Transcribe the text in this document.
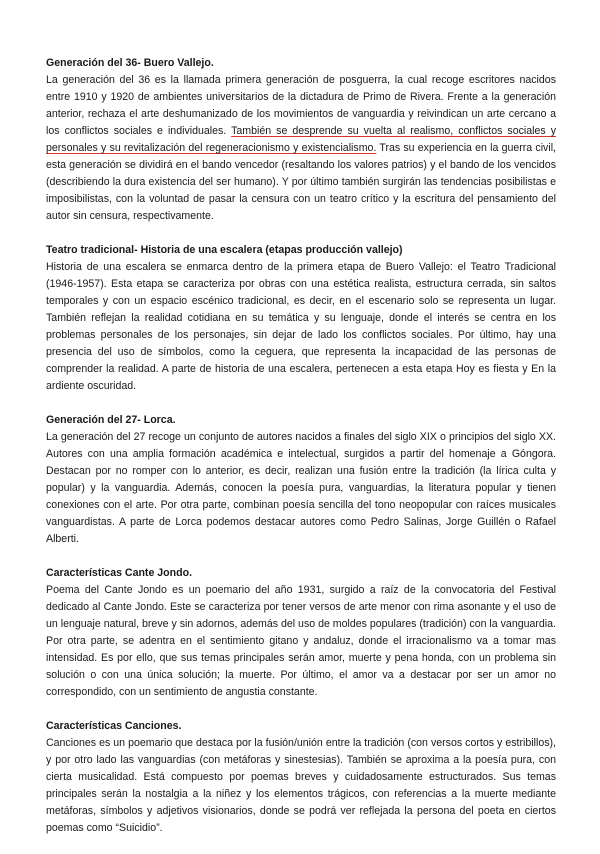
Generación del 36- Buero Vallejo.

La generación del 36 es la llamada primera generación de posguerra, la cual recoge escritores nacidos entre 1910 y 1920 de ambientes universitarios de la dictadura de Primo de Rivera. Frente a la generación anterior, rechaza el arte deshumanizado de los movimientos de vanguardia y reivindican un arte cercano a los conflictos sociales e individuales. También se desprende su vuelta al realismo, conflictos sociales y personales y su revitalización del regeneracionismo y existencialismo. Tras su experiencia en la guerra civil, esta generación se dividirá en el bando vencedor (resaltando los valores patrios) y el bando de los vencidos (describiendo la dura existencia del ser humano). Y por último también surgirán las tendencias posibilistas e imposibilistas, con la voluntad de pasar la censura con un teatro crítico y la escritura del pensamiento del autor sin censura, respectivamente.

Teatro tradicional- Historia de una escalera (etapas producción vallejo)

Historia de una escalera se enmarca dentro de la primera etapa de Buero Vallejo: el Teatro Tradicional (1946-1957). Esta etapa se caracteriza por obras con una estética realista, estructura cerrada, sin saltos temporales y con un espacio escénico tradicional, es decir, en el escenario solo se representa un lugar. También reflejan la realidad cotidiana en su temática y su lenguaje, donde el interés se centra en los problemas personales de los personajes, sin dejar de lado los conflictos sociales. Por último, hay una presencia del uso de símbolos, como la ceguera, que representa la incapacidad de las personas de comprender la realidad. A parte de historia de una escalera, pertenecen a esta etapa Hoy es fiesta y En la ardiente oscuridad.

Generación del 27- Lorca.

La generación del 27 recoge un conjunto de autores nacidos a finales del siglo XIX o principios del siglo XX. Autores con una amplia formación académica e intelectual, surgidos a partir del homenaje a Góngora. Destacan por no romper con lo anterior, es decir, realizan una fusión entre la tradición (la lírica culta y popular) y la vanguardia. Además, conocen la poesía pura, vanguardias, la literatura popular y tienen conexiones con el arte. Por otra parte, combinan poesía sencilla del tono neopopular con raíces musicales vanguardistas. A parte de Lorca podemos destacar autores como Pedro Salinas, Jorge Guillén o Rafael Alberti.

Características Cante Jondo.

Poema del Cante Jondo es un poemario del año 1931, surgido a raíz de la convocatoria del Festival dedicado al Cante Jondo. Este se caracteriza por tener versos de arte menor con rima asonante y el uso de un lenguaje natural, breve y sin adornos, además del uso de moldes populares (tradición) con la vanguardia. Por otra parte, se adentra en el sentimiento gitano y andaluz, donde el irracionalismo va a tomar mas intensidad. Es por ello, que sus temas principales serán amor, muerte y pena honda, con un problema sin solución o con una única solución; la muerte. Por último, el amor va a destacar por ser un amor no correspondido, con un sentimiento de angustia constante.

Características Canciones.

Canciones es un poemario que destaca por la fusión/unión entre la tradición (con versos cortos y estribillos), y por otro lado las vanguardias (con metáforas y sinestesias). También se aproxima a la poesía pura, con cierta musicalidad. Está compuesto por poemas breves y cuidadosamente estructurados. Sus temas principales serán la nostalgia a la niñez y los elementos trágicos, con referencias a la muerte mediante metáforas, símbolos y adjetivos visionarios, donde se podrá ver reflejada la persona del poeta en ciertos poemas como “Suicidio”.
